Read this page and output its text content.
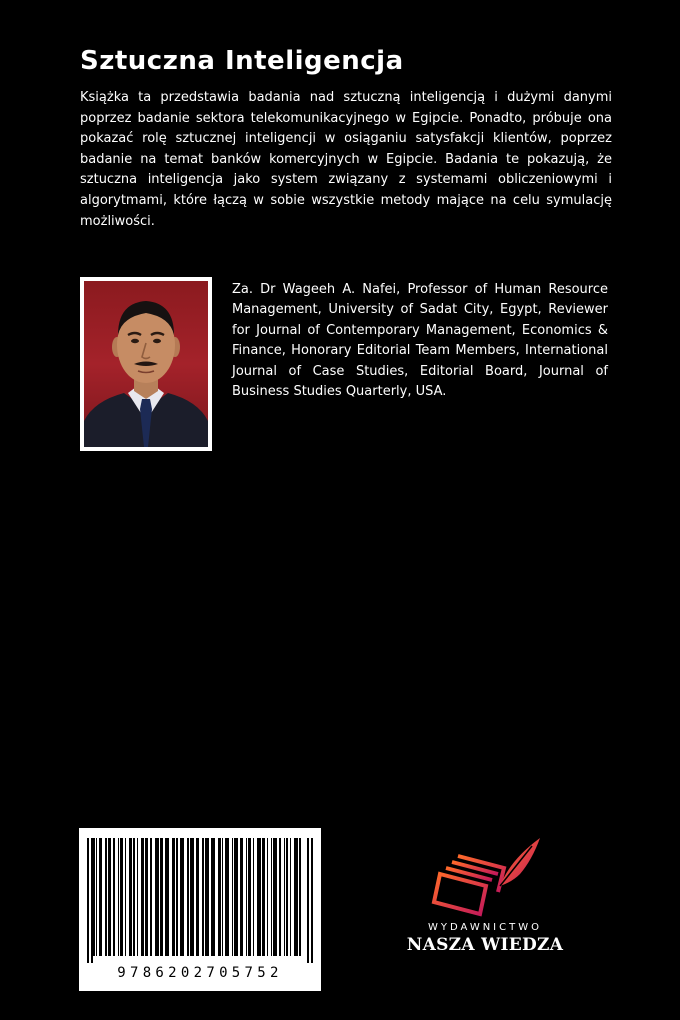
Sztuczna Inteligencja

Książka ta przedstawia badania nad sztuczną inteligencją i dużymi danymi poprzez badanie sektora telekomunikacyjnego w Egipcie. Ponadto, próbuje ona pokazać rolę sztucznej inteligencji w osiąganiu satysfakcji klientów, poprzez badanie na temat banków komercyjnych w Egipcie. Badania te pokazują, że sztuczna inteligencja jako system związany z systemami obliczeniowymi i algorytmami, które łączą w sobie wszystkie metody mające na celu symulację możliwości.

Za. Dr Wageeh A. Nafei, Professor of Human Resource Management, University of Sadat City, Egypt, Reviewer for Journal of Contemporary Management, Economics & Finance, Honorary Editorial Team Members, International Journal of Case Studies, Editorial Board, Journal of Business Studies Quarterly, USA.

9786202705752
WYDAWNICTWO
NASZA WIEDZA
